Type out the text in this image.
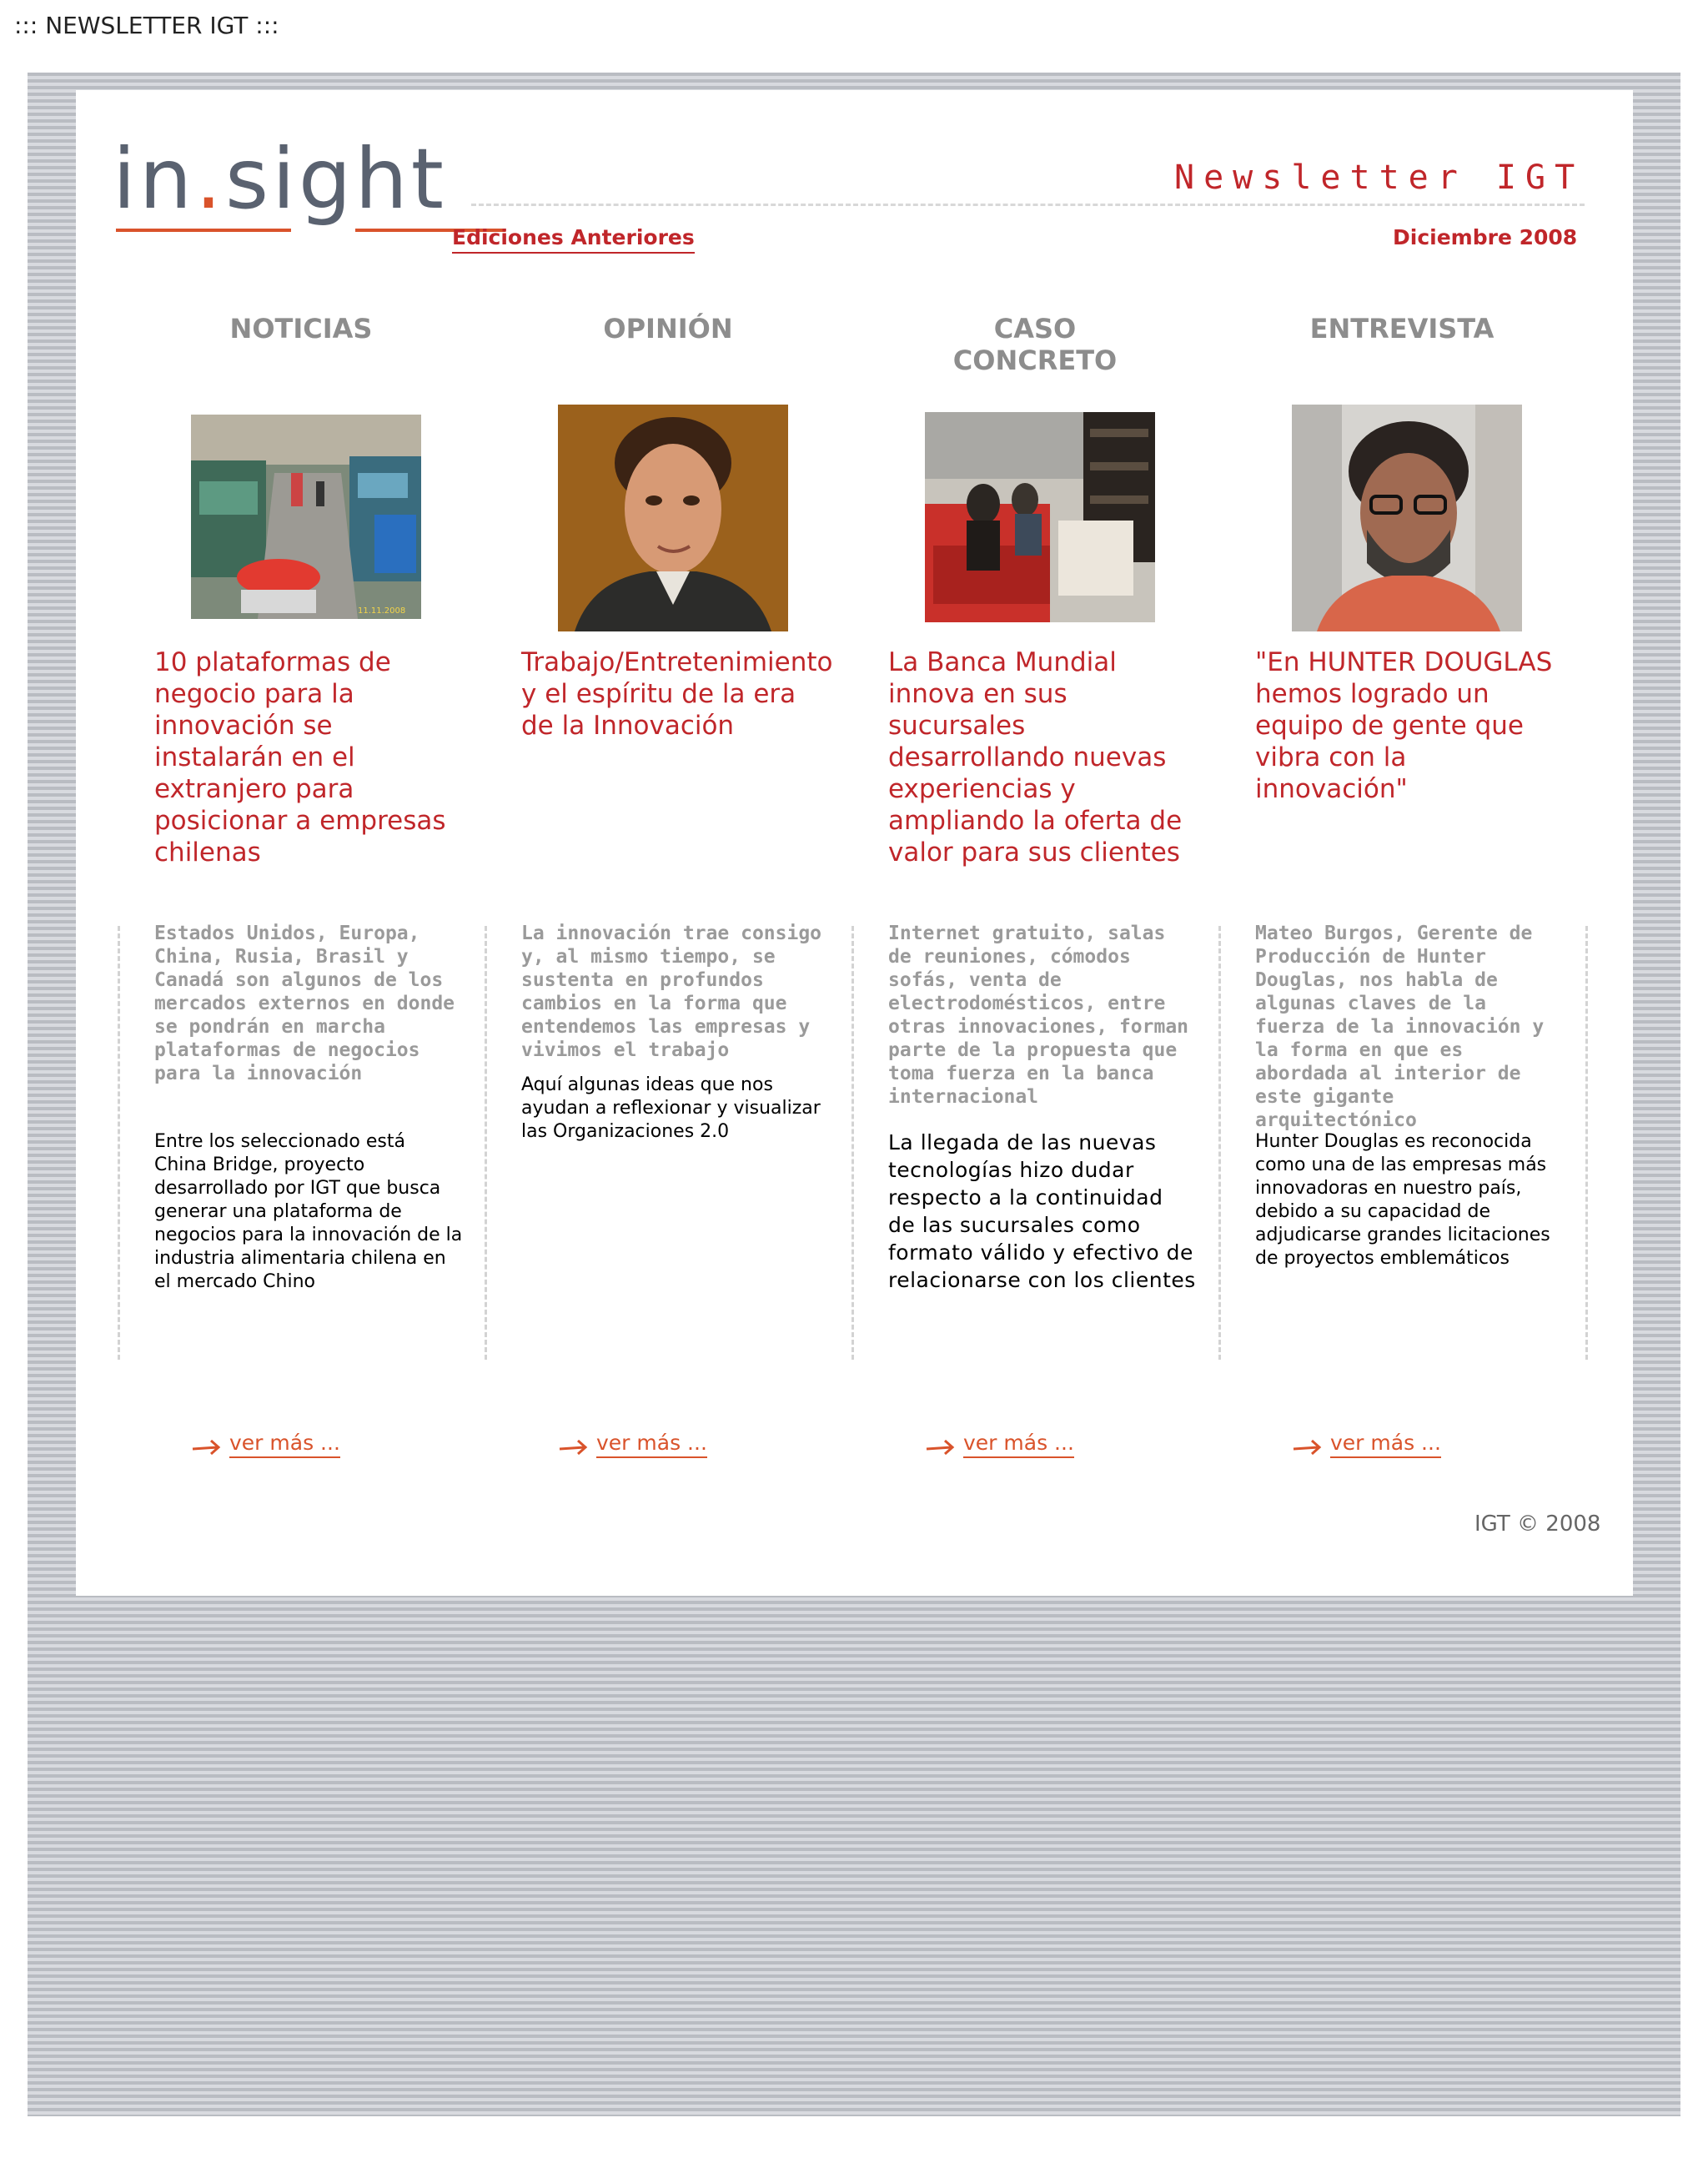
::: NEWSLETTER IGT :::
in.sight	Newsletter IGT
Ediciones Anteriores	Diciembre 2008
NOTICIAS
11.11.2008
10 plataformas de negocio para la innovación se instalarán en el extranjero para posicionar a empresas chilenas
Estados Unidos, Europa, China, Rusia, Brasil y Canadá son algunos de los mercados externos en donde se pondrán en marcha plataformas de negocios para la innovación
Entre los seleccionado está China Bridge, proyecto desarrollado por IGT que busca generar una plataforma de negocios para la innovación de la industria alimentaria chilena en el mercado Chino
ver más ...
OPINIÓN
Trabajo/Entretenimiento y el espíritu de la era de la Innovación
La innovación trae consigo y, al mismo tiempo, se sustenta en profundos cambios en la forma que entendemos las empresas y vivimos el trabajo
Aquí algunas ideas que nos ayudan a reflexionar y visualizar las Organizaciones 2.0
ver más ...
CASO CONCRETO
La Banca Mundial innova en sus sucursales desarrollando nuevas experiencias y ampliando la oferta de valor para sus clientes
Internet gratuito, salas de reuniones, cómodos sofás, venta de electrodomésticos, entre otras innovaciones, forman parte de la propuesta que toma fuerza en la banca internacional
La llegada de las nuevas tecnologías hizo dudar respecto a la continuidad de las sucursales como formato válido y efectivo de relacionarse con los clientes
ver más ...
ENTREVISTA
"En HUNTER DOUGLAS hemos logrado un equipo de gente que vibra con la innovación"
Mateo Burgos, Gerente de Producción de Hunter Douglas, nos habla de algunas claves de la fuerza de la innovación y la forma en que es abordada al interior de este gigante arquitectónico
Hunter Douglas es reconocida como una de las empresas más innovadoras en nuestro país, debido a su capacidad de adjudicarse grandes licitaciones de proyectos emblemáticos
ver más ...
IGT © 2008
